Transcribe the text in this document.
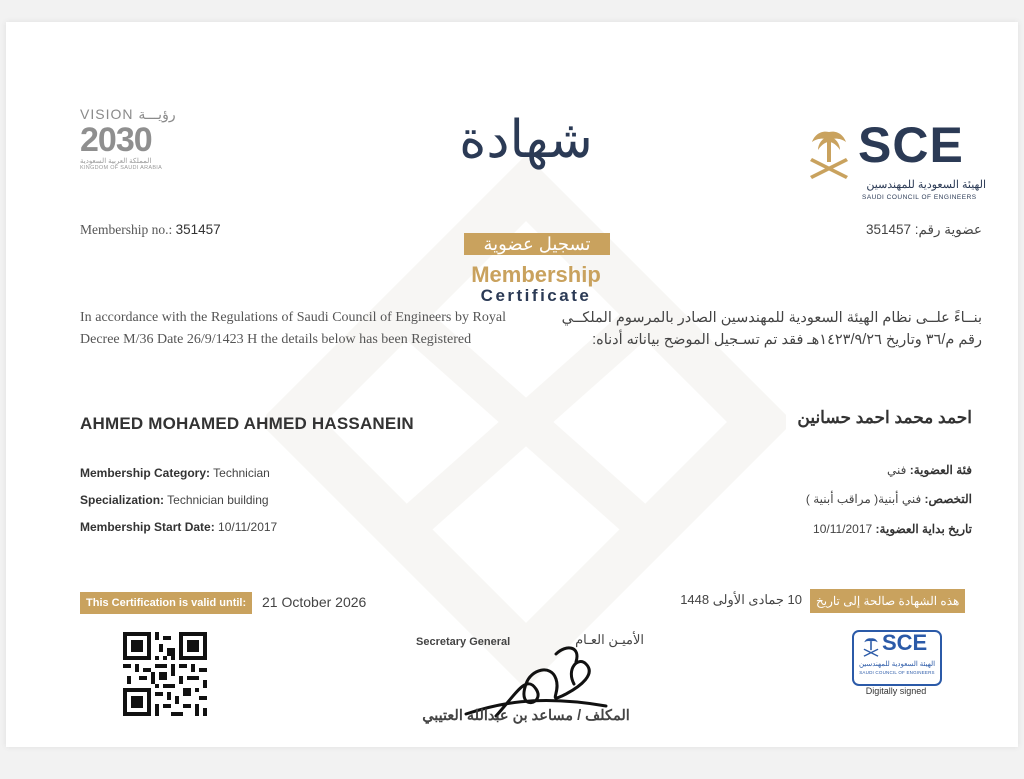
VISION رؤيـــة
2030
المملكة العربية السعودية
KINGDOM OF SAUDI ARABIA	شهادة
تسجيل عضوية
Membership
Certificate
SCE
الهيئة السعودية للمهندسين
SAUDI COUNCIL OF ENGINEERS
Membership no.: 351457	عضوية رقم: 351457
In accordance with the Regulations of Saudi Council of Engineers by Royal Decree M/36 Date 26/9/1423 H the details below has been Registered
بنــاءً علــى نظام الهيئة السعودية للمهندسين الصادر بالمرسوم الملكــي رقم م/٣٦ وتاريخ ١٤٢٣/٩/٢٦هـ فقد تم تسـجيل الموضح بياناته أدناه:
AHMED MOHAMED AHMED HASSANEIN	احمد محمد احمد حسانين
Membership Category: Technician
Specialization: Technician building
Membership Start Date: 10/11/2017
فئة العضوية: فني
التخصص: فني أبنية( مراقب أبنية )
تاريخ بداية العضوية: 10/11/2017
This Certification is valid until:	21 October 2026	10 جمادى الأولى 1448	هذه الشهادة صالحة إلى تاريخ
Secretary General	الأميـن العـام
المكلف / مساعد بن عبدالله العتيبي
SCE
الهيئة السعودية للمهندسين
SAUDI COUNCIL OF ENGINEERS
Digitally signed
